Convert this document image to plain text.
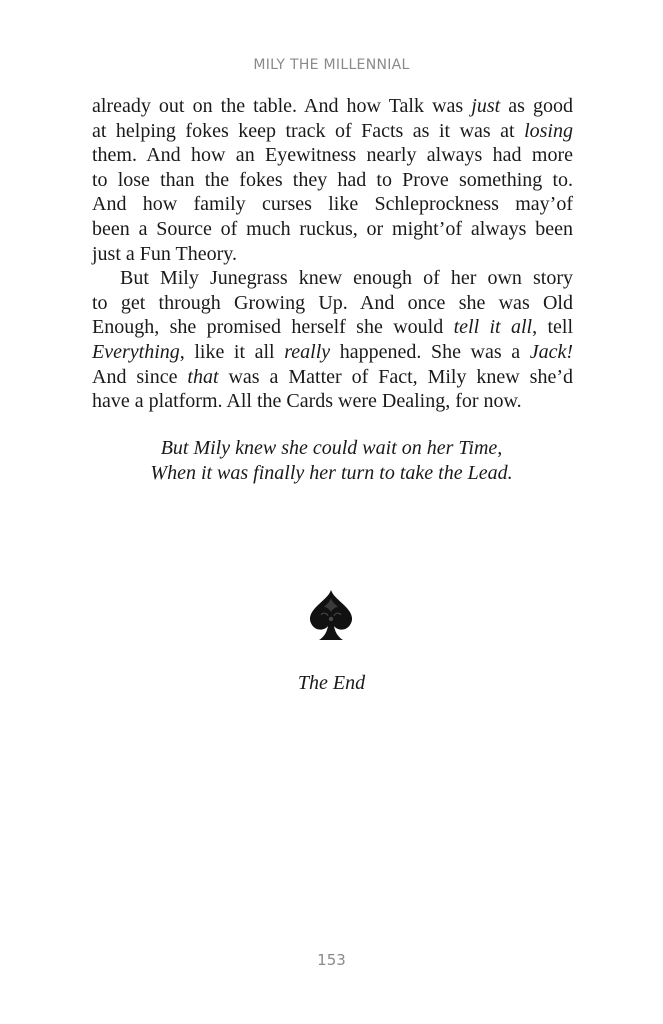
MILY THE MILLENNIAL
already out on the table. And how Talk was just as good
at helping fokes keep track of Facts as it was at losing
them. And how an Eyewitness nearly always had more
to lose than the fokes they had to Prove something to.
And how family curses like Schleprockness may’of
been a Source of much ruckus, or might’of always been
just a Fun Theory.
But Mily Junegrass knew enough of her own story
to get through Growing Up. And once she was Old
Enough, she promised herself she would tell it all, tell
Everything, like it all really happened. She was a Jack!
And since that was a Matter of Fact, Mily knew she’d
have a platform. All the Cards were Dealing, for now.
But Mily knew she could wait on her Time,
When it was finally her turn to take the Lead.
The End
153
